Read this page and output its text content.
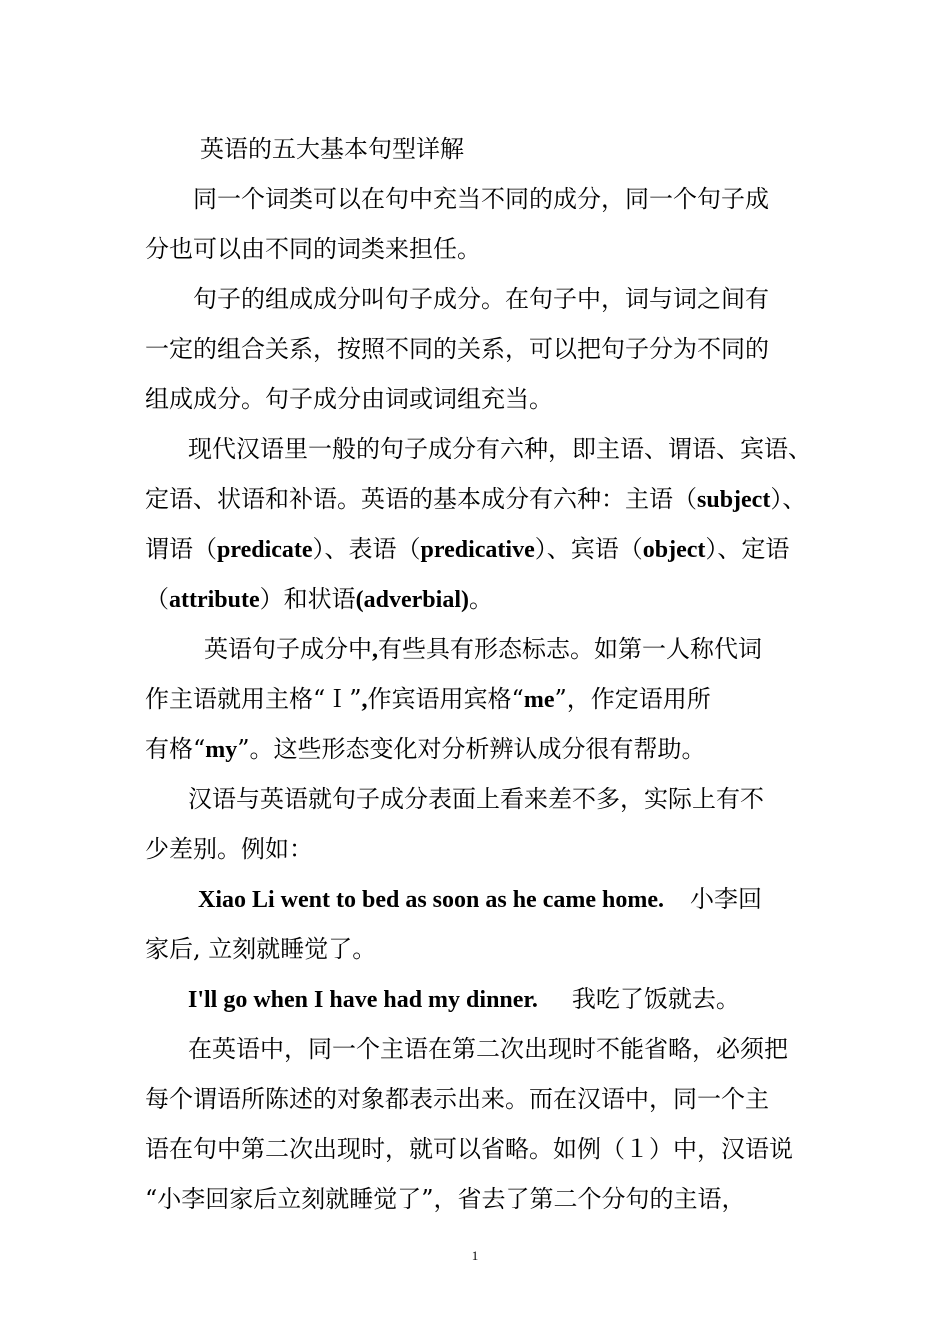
英语的五大基本句型详解
同一个词类可以在句中充当不同的成分，同一个句子成
分也可以由不同的词类来担任。
句子的组成成分叫句子成分。在句子中，词与词之间有
一定的组合关系，按照不同的关系，可以把句子分为不同的
组成成分。句子成分由词或词组充当。
现代汉语里一般的句子成分有六种，即主语、谓语、宾语、
定语、状语和补语。英语的基本成分有六种：主语（subject）、
谓语（predicate）、表语（predicative）、宾语（object）、定语
（attribute）和状语(adverbial)。
英语句子成分中,有些具有形态标志。如第一人称代词
作主语就用主格“Ｉ”,作宾语用宾格“me”，作定语用所
有格“my”。这些形态变化对分析辨认成分很有帮助。
汉语与英语就句子成分表面上看来差不多，实际上有不
少差别。例如：
Xiao Li went to bed as soon as he came home. 小李回
家后, 立刻就睡觉了。
I'll go when I have had my dinner. 我吃了饭就去。
在英语中，同一个主语在第二次出现时不能省略，必须把
每个谓语所陈述的对象都表示出来。而在汉语中，同一个主
语在句中第二次出现时，就可以省略。如例（１）中，汉语说
“小李回家后立刻就睡觉了”，省去了第二个分句的主语，
1
